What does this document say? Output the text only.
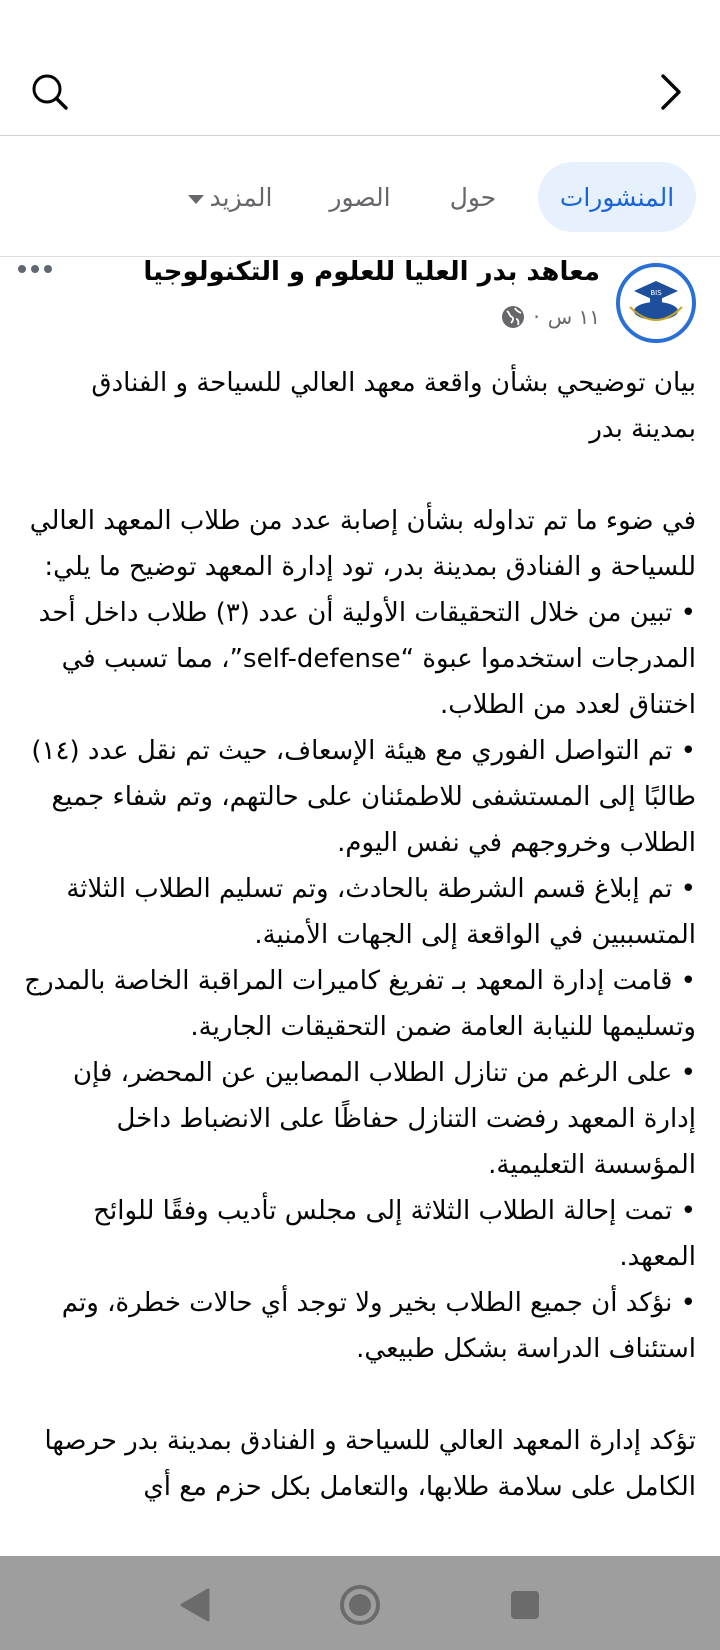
المنشورات
حول
الصور
المزيد
BIS
معاهد بدر العليا للعلوم و التكنولوجيا
١١ س
·

بيان توضيحي بشأن واقعة معهد العالي للسياحة و الفنادق بمدينة بدر

في ضوء ما تم تداوله بشأن إصابة عدد من طلاب المعهد العالي للسياحة و الفنادق بمدينة بدر، تود إدارة المعهد توضيح ما يلي:

• تبين من خلال التحقيقات الأولية أن عدد (٣) طلاب داخل أحد المدرجات استخدموا عبوة “self-defense”، مما تسبب في اختناق لعدد من الطلاب.

• تم التواصل الفوري مع هيئة الإسعاف، حيث تم نقل عدد (١٤) طالبًا إلى المستشفى للاطمئنان على حالتهم، وتم شفاء جميع الطلاب وخروجهم في نفس اليوم.

• تم إبلاغ قسم الشرطة بالحادث، وتم تسليم الطلاب الثلاثة المتسببين في الواقعة إلى الجهات الأمنية.

• قامت إدارة المعهد بـ تفريغ كاميرات المراقبة الخاصة بالمدرج وتسليمها للنيابة العامة ضمن التحقيقات الجارية.

• على الرغم من تنازل الطلاب المصابين عن المحضر، فإن إدارة المعهد رفضت التنازل حفاظًا على الانضباط داخل المؤسسة التعليمية.

• تمت إحالة الطلاب الثلاثة إلى مجلس تأديب وفقًا للوائح المعهد.

• نؤكد أن جميع الطلاب بخير ولا توجد أي حالات خطرة، وتم استئناف الدراسة بشكل طبيعي.

تؤكد إدارة المعهد العالي للسياحة و الفنادق بمدينة بدر حرصها الكامل على سلامة طلابها، والتعامل بكل حزم مع أي
